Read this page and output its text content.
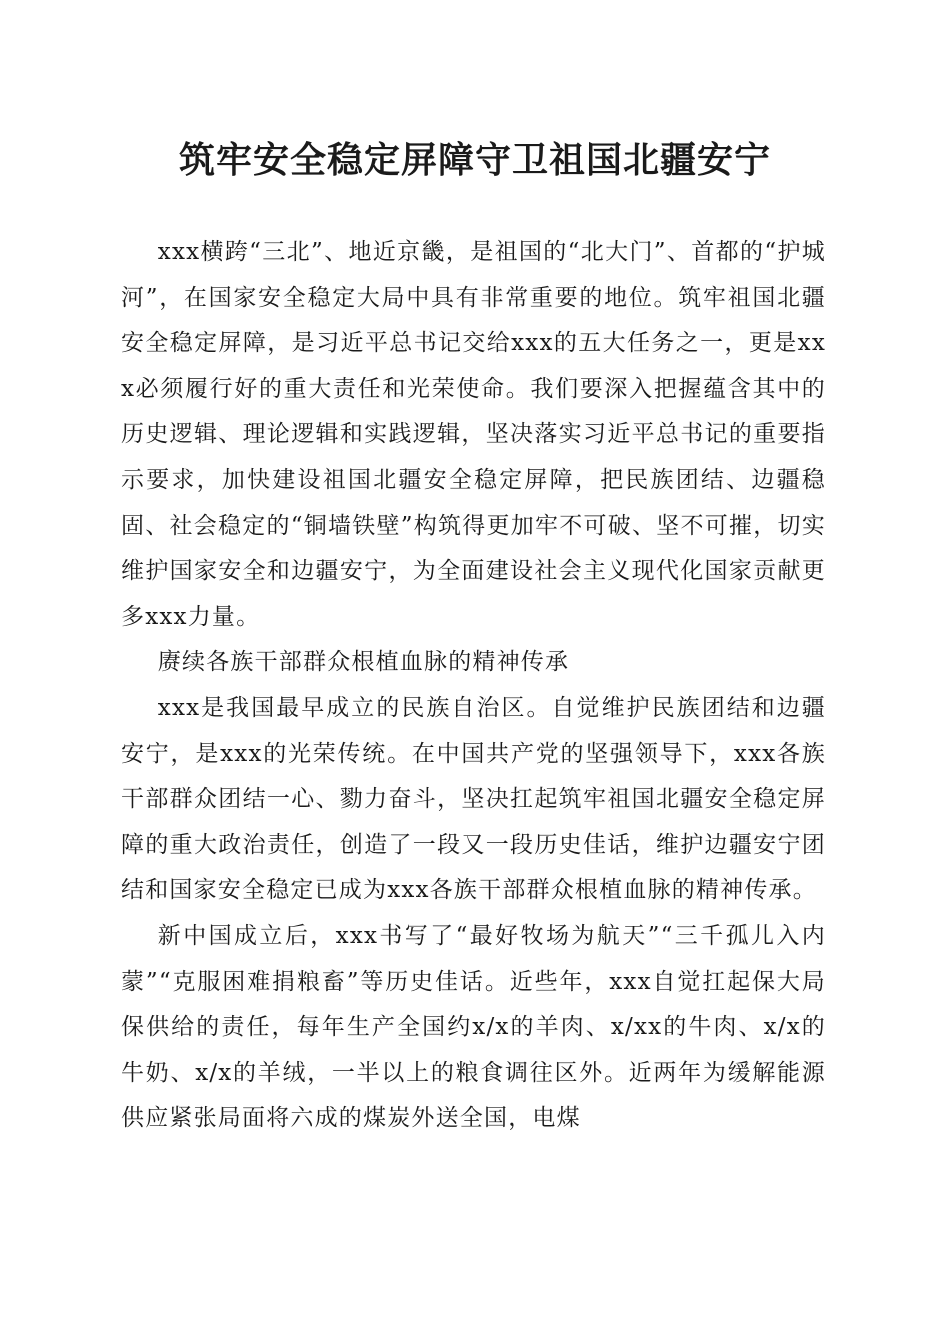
筑牢安全稳定屏障守卫祖国北疆安宁

xxx横跨“三北”、地近京畿，是祖国的“北大门”、首都的“护城河”，在国家安全稳定大局中具有非常重要的地位。筑牢祖国北疆安全稳定屏障，是习近平总书记交给xxx的五大任务之一，更是xxx必须履行好的重大责任和光荣使命。我们要深入把握蕴含其中的历史逻辑、理论逻辑和实践逻辑，坚决落实习近平总书记的重要指示要求，加快建设祖国北疆安全稳定屏障，把民族团结、边疆稳固、社会稳定的“铜墙铁壁”构筑得更加牢不可破、坚不可摧，切实维护国家安全和边疆安宁，为全面建设社会主义现代化国家贡献更多xxx力量。

赓续各族干部群众根植血脉的精神传承

xxx是我国最早成立的民族自治区。自觉维护民族团结和边疆安宁，是xxx的光荣传统。在中国共产党的坚强领导下，xxx各族干部群众团结一心、勠力奋斗，坚决扛起筑牢祖国北疆安全稳定屏障的重大政治责任，创造了一段又一段历史佳话，维护边疆安宁团结和国家安全稳定已成为xxx各族干部群众根植血脉的精神传承。

新中国成立后，xxx书写了“最好牧场为航天”“三千孤儿入内蒙”“克服困难捐粮畜”等历史佳话。近些年，xxx自觉扛起保大局保供给的责任，每年生产全国约x/x的羊肉、x/xx的牛肉、x/x的牛奶、x/x的羊绒，一半以上的粮食调往区外。近两年为缓解能源供应紧张局面将六成的煤炭外送全国，电煤
